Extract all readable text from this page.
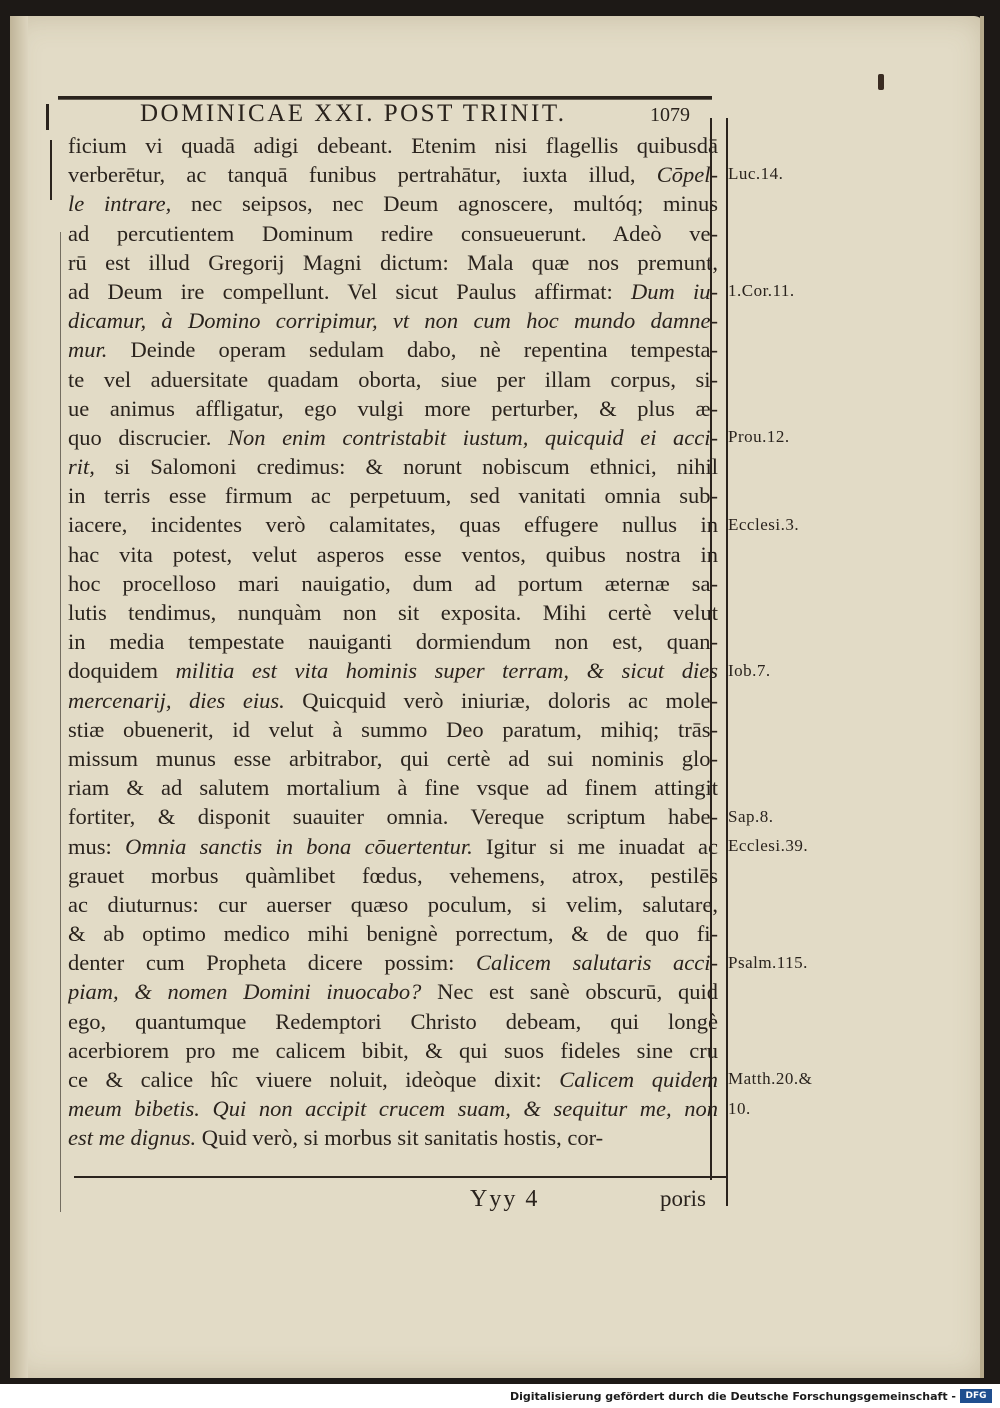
DOMINICAE XXI. POST TRINIT.	1079
ficium vi quadā adigi debeant. Etenim nisi flagellis quibusdā
verberētur, ac tanquā funibus pertrahātur, iuxta illud, Cōpel-
le intrare, nec seipsos, nec Deum agnoscere, multóq; minus
ad percutientem Dominum redire consueuerunt. Adeò ve-
rū est illud Gregorij Magni dictum: Mala quæ nos premunt,
ad Deum ire compellunt. Vel sicut Paulus affirmat: Dum iu-
dicamur, à Domino corripimur, vt non cum hoc mundo damne-
mur. Deinde operam sedulam dabo, nè repentina tempesta-
te vel aduersitate quadam oborta, siue per illam corpus, si-
ue animus affligatur, ego vulgi more perturber, & plus æ-
quo discrucier. Non enim contristabit iustum, quicquid ei acci-
rit, si Salomoni credimus: & norunt nobiscum ethnici, nihil
in terris esse firmum ac perpetuum, sed vanitati omnia sub-
iacere, incidentes verò calamitates, quas effugere nullus in
hac vita potest, velut asperos esse ventos, quibus nostra in
hoc procelloso mari nauigatio, dum ad portum æternæ sa-
lutis tendimus, nunquàm non sit exposita. Mihi certè velut
in media tempestate nauiganti dormiendum non est, quan-
doquidem militia est vita hominis super terram, & sicut dies
mercenarij, dies eius. Quicquid verò iniuriæ, doloris ac mole-
stiæ obuenerit, id velut à summo Deo paratum, mihiq; trās-
missum munus esse arbitrabor, qui certè ad sui nominis glo-
riam & ad salutem mortalium à fine vsque ad finem attingit
fortiter, & disponit suauiter omnia. Vereque scriptum habe-
mus: Omnia sanctis in bona cōuertentur. Igitur si me inuadat ac
grauet morbus quàmlibet fœdus, vehemens, atrox, pestilēs
ac diuturnus: cur auerser quæso poculum, si velim, salutare,
& ab optimo medico mihi benignè porrectum, & de quo fi-
denter cum Propheta dicere possim: Calicem salutaris acci-
piam, & nomen Domini inuocabo? Nec est sanè obscurū, quid
ego, quantumque Redemptori Christo debeam, qui longè
acerbiorem pro me calicem bibit, & qui suos fideles sine cru
ce & calice hîc viuere noluit, ideòque dixit: Calicem quidem
meum bibetis. Qui non accipit crucem suam, & sequitur me, non
est me dignus. Quid verò, si morbus sit sanitatis hostis, cor-
Luc.14.
1.Cor.11.
Prou.12.
Ecclesi.3.
Iob.7.
Sap.8.
Ecclesi.39.
Psalm.115.
Matth.20.&
10.
Yyy 4	poris
Digitalisierung gefördert durch die Deutsche Forschungsgemeinschaft -	DFG
